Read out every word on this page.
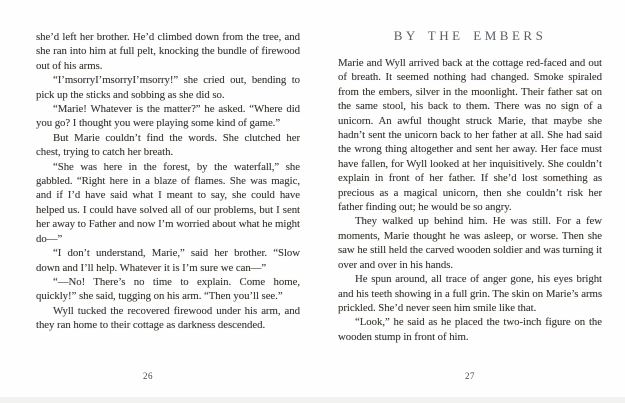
she’d left her brother. He’d climbed down from the tree, and she ran into him at full pelt, knocking the bundle of firewood out of his arms.

“I’msorryI’msorryI’msorry!” she cried out, bending to pick up the sticks and sobbing as she did so.

“Marie! Whatever is the matter?” he asked. “Where did you go? I thought you were playing some kind of game.”

But Marie couldn’t find the words. She clutched her chest, trying to catch her breath.

“She was here in the forest, by the waterfall,” she gabbled. “Right here in a blaze of flames. She was magic, and if I’d have said what I meant to say, she could have helped us. I could have solved all of our problems, but I sent her away to Father and now I’m worried about what he might do—”

“I don’t understand, Marie,” said her brother. “Slow down and I’ll help. Whatever it is I’m sure we can—”

“—No! There’s no time to explain. Come home, quickly!” she said, tugging on his arm. “Then you’ll see.”

Wyll tucked the recovered firewood under his arm, and they ran home to their cottage as darkness descended.

BY THE EMBERS

Marie and Wyll arrived back at the cottage red-faced and out of breath. It seemed nothing had changed. Smoke spiraled from the embers, silver in the moonlight. Their father sat on the same stool, his back to them. There was no sign of a unicorn. An awful thought struck Marie, that maybe she hadn’t sent the unicorn back to her father at all. She had said the wrong thing altogether and sent her away. Her face must have fallen, for Wyll looked at her inquisitively. She couldn’t explain in front of her father. If she’d lost something as precious as a magical unicorn, then she couldn’t risk her father finding out; he would be so angry.

They walked up behind him. He was still. For a few moments, Marie thought he was asleep, or worse. Then she saw he still held the carved wooden soldier and was turning it over and over in his hands.

He spun around, all trace of anger gone, his eyes bright and his teeth showing in a full grin. The skin on Marie’s arms prickled. She’d never seen him smile like that.

“Look,” he said as he placed the two-inch figure on the wooden stump in front of him.

26	27
